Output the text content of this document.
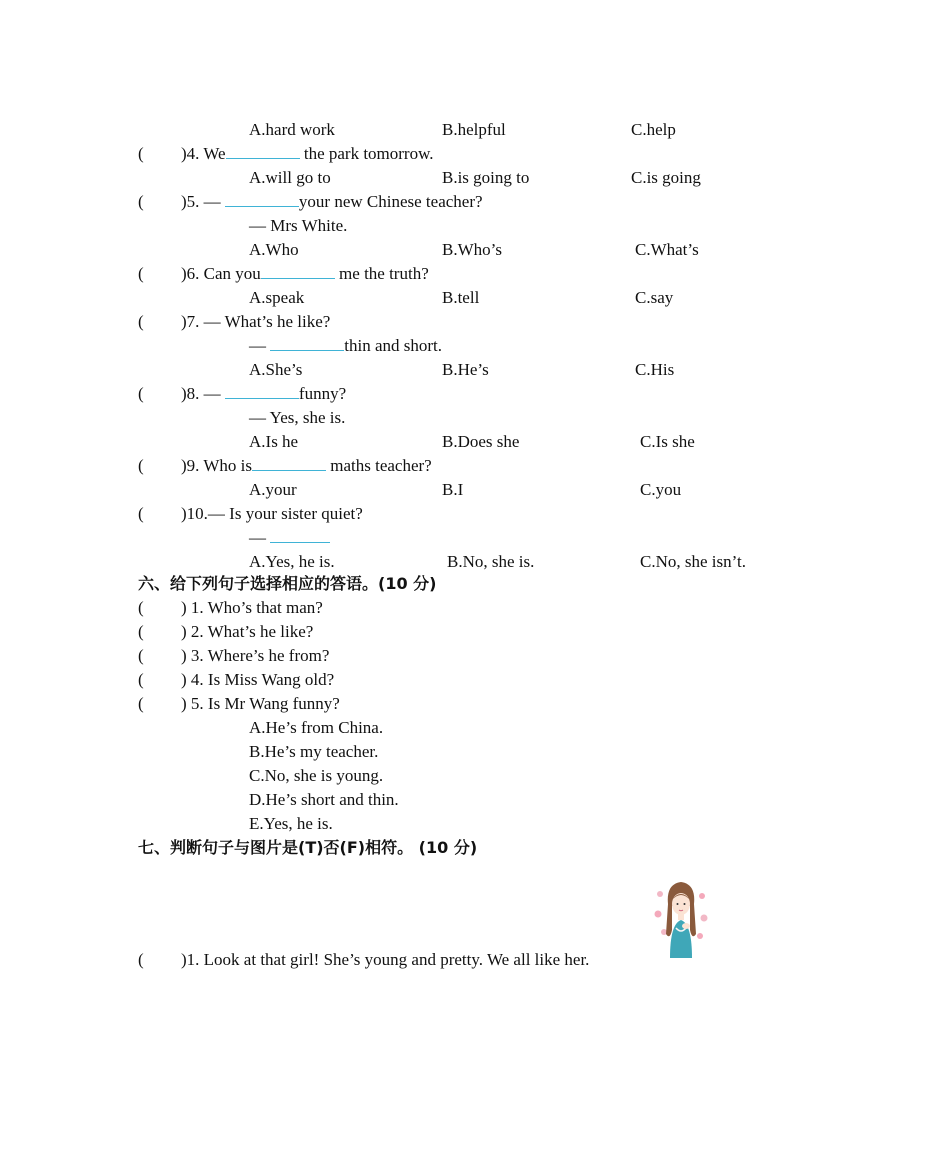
A.hard work	B.helpful	C.help
( )4. We	the park tomorrow.
A.will go to	B.is going to	C.is going
( )5. —	your new Chinese teacher?
— Mrs White.
A.Who	B.Who’s	C.What’s
( )6. Can you	me the truth?
A.speak	B.tell	C.say
( )7. — What’s he like?
—	thin and short.
A.She’s	B.He’s	C.His
( )8. —	funny?
— Yes, she is.
A.Is he	B.Does she	C.Is she
( )9. Who is	maths teacher?
A.your	B.I	C.you
( )10.— Is your sister quiet?
—
A.Yes, he is.	B.No, she is.	C.No, she isn’t.
六、给下列句子选择相应的答语。(10 分)
( ) 1. Who’s that man?
( ) 2. What’s he like?
( ) 3. Where’s he from?
( ) 4. Is Miss Wang old?
( ) 5. Is Mr Wang funny?
A.He’s from China.
B.He’s my teacher.
C.No, she is young.
D.He’s short and thin.
E.Yes, he is.
七、判断句子与图片是(T)否(F)相符。 (10 分)
( )1. Look at that girl! She’s young and pretty. We all like her.
